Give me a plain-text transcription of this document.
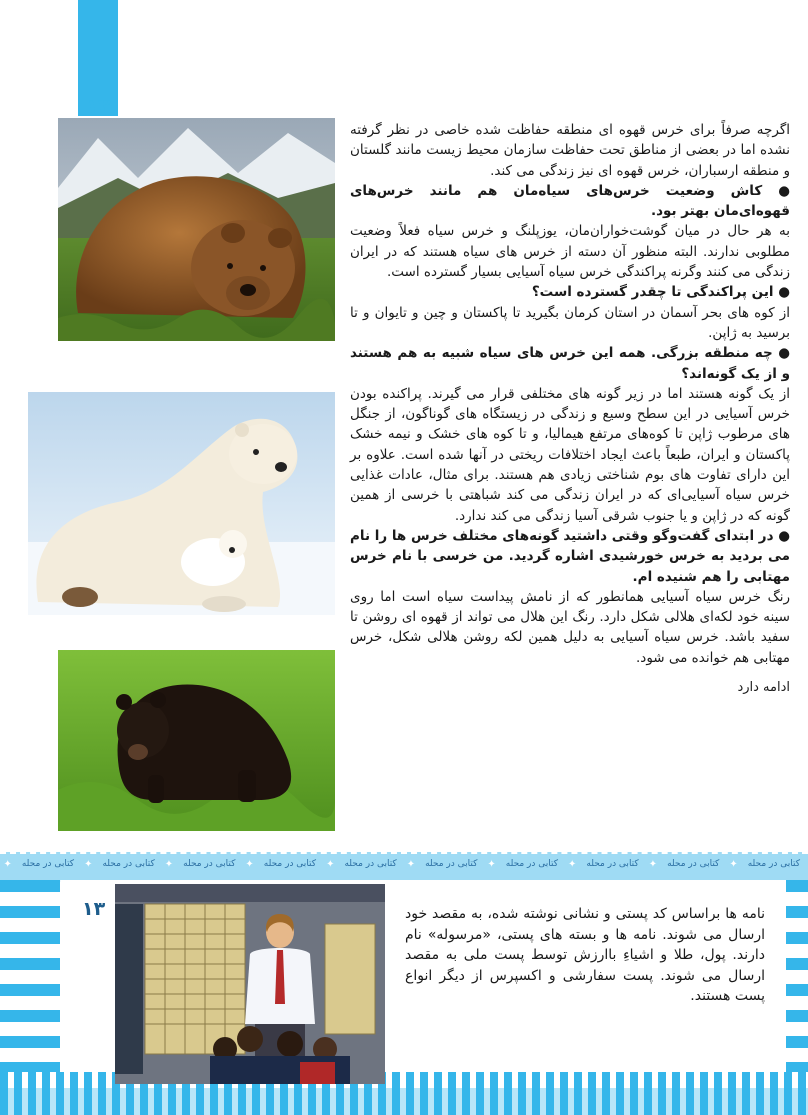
۱۳

اگرچه صرفاً برای خرس قهوه ای منطقه حفاظت شده خاصی در نظر گرفته نشده اما در بعضی از مناطق تحت حفاظت سازمان محیط زیست مانند گلستان و منطقه ارسباران، خرس قهوه ای نیز زندگی می کند.

● کاش وضعیت خرس‌های سیاه‌مان هم مانند خرس‌های قهوه‌ای‌مان بهتر بود.

به هر حال در میان گوشت‌خواران‌مان، یوزپلنگ و خرس سیاه فعلاً وضعیت مطلوبی ندارند. البته منظور آن دسته از خرس های سیاه هستند که در ایران زندگی می کنند وگرنه پراکندگی خرس سیاه آسیایی بسیار گسترده است.

● این پراکندگی تا چقدر گسترده است؟

از کوه های بحر آسمان در استان کرمان بگیرید تا پاکستان و چین و تایوان و تا برسید به ژاپن.

● چه منطقه بزرگی. همه این خرس های سیاه شبیه به هم هستند و از یک گونه‌اند؟

از یک گونه هستند اما در زیر گونه های مختلفی قرار می گیرند. پراکنده بودن خرس آسیایی در این سطح وسیع و زندگی در زیستگاه های گوناگون، از جنگل های مرطوب ژاپن تا کوه‌های مرتفع هیمالیا، و تا کوه های خشک و نیمه خشک پاکستان و ایران، طبعاً باعث ایجاد اختلافات ریختی در آنها شده است. علاوه بر این دارای تفاوت های بوم شناختی زیادی هم هستند. برای مثال، عادات غذایی خرس سیاه آسیایی‌ای که در ایران زندگی می کند شباهتی با خرسی از همین گونه که در ژاپن و یا جنوب شرقی آسیا زندگی می کند ندارد.

● در ابتدای گفت‌وگو وقتی داشتید گونه‌های مختلف خرس ها را نام می بردید به خرس خورشیدی اشاره گردید. من خرسی با نام خرس مهتابی را هم شنیده ام.

رنگ خرس سیاه آسیایی همانطور که از نامش پیداست سیاه است اما روی سینه خود لکه‌ای هلالی شکل دارد. رنگ این هلال می تواند از قهوه ای روشن تا سفید باشد. خرس سیاه آسیایی به دلیل همین لکه روشن هلالی شکل، خرس مهتابی هم خوانده می شود.

ادامه دارد

کتابی در محله
✦
کتابی در محله
✦
کتابی در محله
✦
کتابی در محله
✦
کتابی در محله
✦
کتابی در محله
✦
کتابی در محله
✦
کتابی در محله
✦
کتابی در محله
✦
کتابی در محله
✦
۱۳	نامه ها براساس کد پستی و نشانی نوشته شده، به مقصد خود ارسال می شوند. نامه ها و بسته های پستی، «مرسوله» نام دارند. پول، طلا و اشیاءِ باارزش توسط پست ملی به مقصد ارسال می شوند. پست سفارشی و اکسپرس از دیگر انواع پست هستند.
